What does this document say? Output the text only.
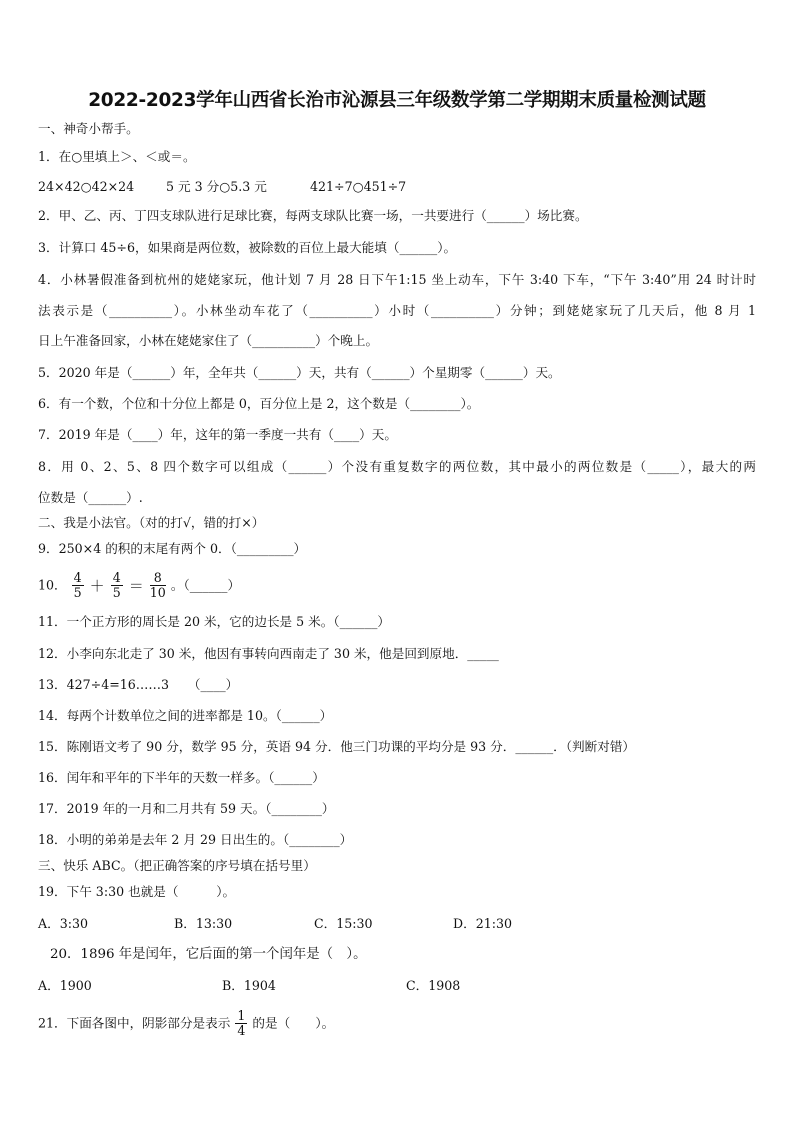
2022-2023学年山西省长治市沁源县三年级数学第二学期期末质量检测试题
一、神奇小帮手。
1．在○里填上＞、＜或＝。
24×42○42×24	5 元 3 分○5.3 元	421÷7○451÷7
2．甲、乙、丙、丁四支球队进行足球比赛，每两支球队比赛一场，一共要进行（______）场比赛。
3．计算口 45÷6，如果商是两位数，被除数的百位上最大能填（______）。
4．小林暑假准备到杭州的姥姥家玩，他计划 7 月 28 日下午1:15 坐上动车，下午 3:40 下车，“下午 3:40”用 24 时计时
法表示是（__________）。小林坐动车花了（__________）小时（__________）分钟；到姥姥家玩了几天后，他 8 月 1
日上午准备回家，小林在姥姥家住了（__________）个晚上。
5．2020 年是（______）年，全年共（______）天，共有（______）个星期零（______）天。
6．有一个数，个位和十分位上都是 0，百分位上是 2，这个数是（________）。
7．2019 年是（____）年，这年的第一季度一共有（____）天。
8．用 0、2、5、8 四个数字可以组成（______）个没有重复数字的两位数，其中最小的两位数是（_____），最大的两
位数是（______）.
二、我是小法官。（对的打√，错的打×）
9．250×4 的积的末尾有两个 0．（_________）
10． $\frac{4}{5} + \frac{4}{5} = \frac{8}{10}$ 。（______）
11．一个正方形的周长是 20 米，它的边长是 5 米。（______）
12．小李向东北走了 30 米，他因有事转向西南走了 30 米，他是回到原地．_____
13．427÷4=16……3　　（____）
14．每两个计数单位之间的进率都是 10。（______）
15．陈刚语文考了 90 分，数学 95 分，英语 94 分．他三门功课的平均分是 93 分．______．（判断对错）
16．闰年和平年的下半年的天数一样多。（______）
17．2019 年的一月和二月共有 59 天。（________）
18．小明的弟弟是去年 2 月 29 日出生的。（________）
三、快乐 ABC。（把正确答案的序号填在括号里）
19．下午 3:30 也就是（　　　）。
A．3:30	B．13:30	C．15:30	D．21:30
20．1896 年是闰年，它后面的第一个闰年是（　）。
A．1900	B．1904	C．1908
21．下面各图中，阴影部分是表示 $\frac{1}{4}$ 的是（　　）。
